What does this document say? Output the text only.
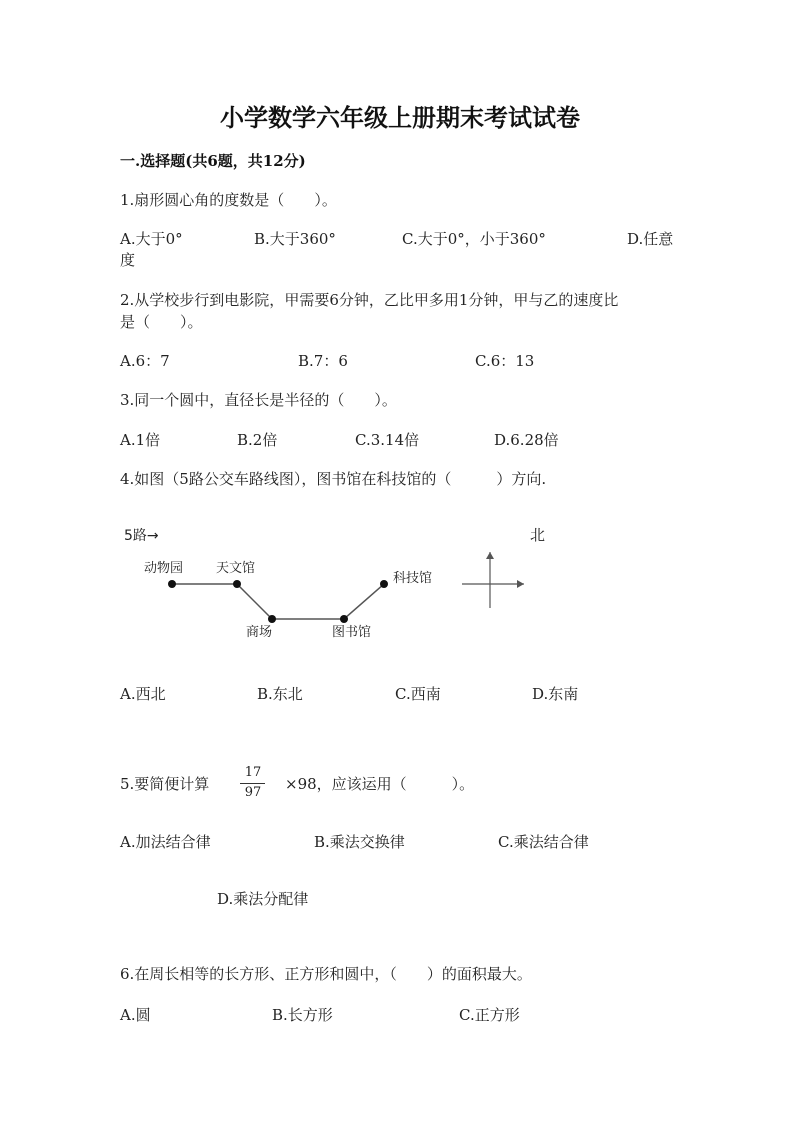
小学数学六年级上册期末考试试卷
一.选择题(共6题，共12分)
1.扇形圆心角的度数是（　　）。
A.大于0°	B.大于360°	C.大于0°，小于360°	D.任意
度
2.从学校步行到电影院，甲需要6分钟，乙比甲多用1分钟，甲与乙的速度比
是（　　）。
A.6：7	B.7：6	C.6：13
3.同一个圆中，直径长是半径的（　　）。
A.1倍	B.2倍	C.3.14倍	D.6.28倍
4.如图（5路公交车路线图），图书馆在科技馆的（　　　）方向.
5路→	北
动物园	天文馆
商场	图书馆
科技馆
A.西北	B.东北	C.西南	D.东南
5.要简便计算
17
97	×98，应该运用（　　　）。
A.加法结合律	B.乘法交换律	C.乘法结合律
D.乘法分配律
6.在周长相等的长方形、正方形和圆中，（　　）的面积最大。
A.圆	B.长方形	C.正方形
